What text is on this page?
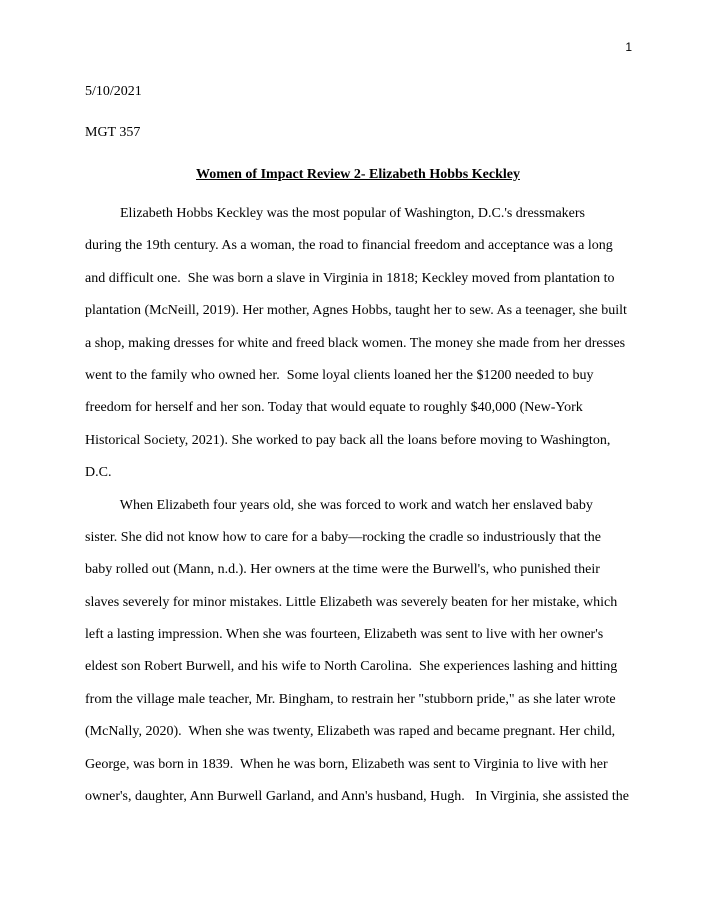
1
5/10/2021
MGT 357
Women of Impact Review 2- Elizabeth Hobbs Keckley
Elizabeth Hobbs Keckley was the most popular of Washington, D.C.'s dressmakers
during the 19th century. As a woman, the road to financial freedom and acceptance was a long
and difficult one.  She was born a slave in Virginia in 1818; Keckley moved from plantation to
plantation (McNeill, 2019). Her mother, Agnes Hobbs, taught her to sew. As a teenager, she built
a shop, making dresses for white and freed black women. The money she made from her dresses
went to the family who owned her.  Some loyal clients loaned her the $1200 needed to buy
freedom for herself and her son. Today that would equate to roughly $40,000 (New-York
Historical Society, 2021). She worked to pay back all the loans before moving to Washington,
D.C.
When Elizabeth four years old, she was forced to work and watch her enslaved baby
sister. She did not know how to care for a baby—rocking the cradle so industriously that the
baby rolled out (Mann, n.d.). Her owners at the time were the Burwell's, who punished their
slaves severely for minor mistakes. Little Elizabeth was severely beaten for her mistake, which
left a lasting impression. When she was fourteen, Elizabeth was sent to live with her owner's
eldest son Robert Burwell, and his wife to North Carolina.  She experiences lashing and hitting
from the village male teacher, Mr. Bingham, to restrain her "stubborn pride," as she later wrote
(McNally, 2020).  When she was twenty, Elizabeth was raped and became pregnant. Her child,
George, was born in 1839.  When he was born, Elizabeth was sent to Virginia to live with her
owner's, daughter, Ann Burwell Garland, and Ann's husband, Hugh.   In Virginia, she assisted the
